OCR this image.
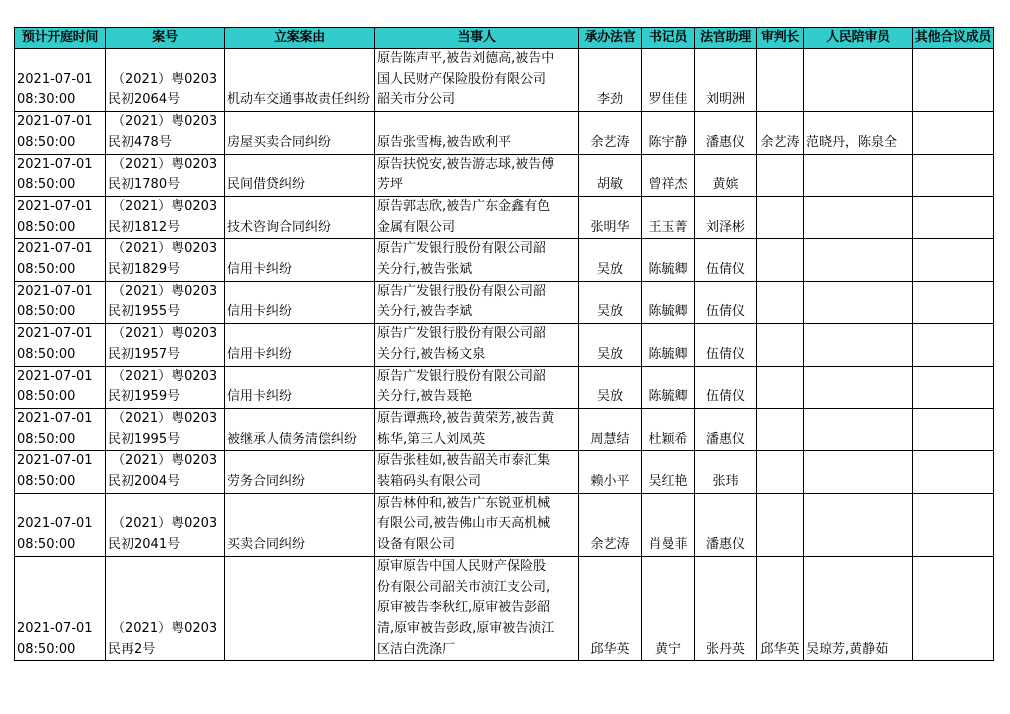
预计开庭时间	案号	立案案由	当事人	承办法官	书记员	法官助理	审判长	人民陪审员	其他合议成员

2021-07-01
08:30:00	（2021）粤0203
民初2064号	机动车交通事故责任纠纷	原告陈声平,被告刘德高,被告中
国人民财产保险股份有限公司
韶关市分公司	李劲	罗佳佳	刘明洲			

2021-07-01
08:50:00	（2021）粤0203
民初478号	房屋买卖合同纠纷	原告张雪梅,被告欧利平	余艺涛	陈宇静	潘惠仪	余艺涛	范晓丹，陈泉全	

2021-07-01
08:50:00	（2021）粤0203
民初1780号	民间借贷纠纷	原告扶悦安,被告游志球,被告傅
芳坪	胡敏	曾祥杰	黄嫔			

2021-07-01
08:50:00	（2021）粤0203
民初1812号	技术咨询合同纠纷	原告郭志欣,被告广东金鑫有色
金属有限公司	张明华	王玉菁	刘泽彬			

2021-07-01
08:50:00	（2021）粤0203
民初1829号	信用卡纠纷	原告广发银行股份有限公司韶
关分行,被告张斌	吴放	陈毓卿	伍倩仪			

2021-07-01
08:50:00	（2021）粤0203
民初1955号	信用卡纠纷	原告广发银行股份有限公司韶
关分行,被告李斌	吴放	陈毓卿	伍倩仪			

2021-07-01
08:50:00	（2021）粤0203
民初1957号	信用卡纠纷	原告广发银行股份有限公司韶
关分行,被告杨文泉	吴放	陈毓卿	伍倩仪			

2021-07-01
08:50:00	（2021）粤0203
民初1959号	信用卡纠纷	原告广发银行股份有限公司韶
关分行,被告聂艳	吴放	陈毓卿	伍倩仪			

2021-07-01
08:50:00	（2021）粤0203
民初1995号	被继承人债务清偿纠纷	原告谭燕玲,被告黄荣芳,被告黄
栋华,第三人刘凤英	周慧结	杜颖希	潘惠仪			

2021-07-01
08:50:00	（2021）粤0203
民初2004号	劳务合同纠纷	原告张桂如,被告韶关市泰汇集
装箱码头有限公司	赖小平	吴红艳	张玮			

2021-07-01
08:50:00	（2021）粤0203
民初2041号	买卖合同纠纷	原告林仲和,被告广东锐亚机械
有限公司,被告佛山市天高机械
设备有限公司	余艺涛	肖曼菲	潘惠仪			

2021-07-01
08:50:00	（2021）粤0203
民再2号		原审原告中国人民财产保险股
份有限公司韶关市浈江支公司,
原审被告李秋红,原审被告彭韶
清,原审被告彭政,原审被告浈江
区洁白洗涤厂	邱华英	黄宁	张丹英	邱华英	吴琼芳,黄静茹	
